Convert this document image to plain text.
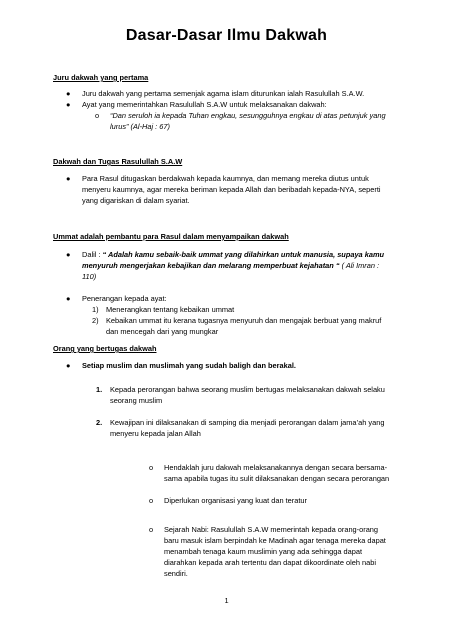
Dasar-Dasar Ilmu Dakwah
Juru dakwah yang pertama
● Juru dakwah yang pertama semenjak agama islam diturunkan ialah Rasulullah S.A.W.
● Ayat yang memerintahkan Rasulullah S.A.W untuk melaksanakan dakwah:
o “Dan seruloh ia kepada Tuhan engkau, sesungguhnya engkau di atas petunjuk yang
lurus” (Al-Haj : 67)
Dakwah dan Tugas Rasulullah S.A.W
● Para Rasul ditugaskan berdakwah kepada kaumnya, dan memang mereka diutus untuk
menyeru kaumnya, agar mereka beriman kepada Allah dan beribadah kepada-NYA, seperti
yang digariskan di dalam syariat.
Ummat adalah pembantu para Rasul dalam menyampaikan dakwah
● Dalil : “ Adalah kamu sebaik-baik ummat yang dilahirkan untuk manusia, supaya kamu
menyuruh mengerjakan kebajikan dan melarang memperbuat kejahatan “ ( Ali Imran :
110)
● Penerangan kepada ayat:
1) Menerangkan tentang kebaikan ummat
2) Kebaikan ummat itu kerana tugasnya menyuruh dan mengajak berbuat yang makruf
dan mencegah dari yang mungkar
Orang yang bertugas dakwah
● Setiap muslim dan muslimah yang sudah baligh dan berakal.
1. Kepada perorangan bahwa seorang muslim bertugas melaksanakan dakwah selaku
seorang muslim
2. Kewajipan ini dilaksanakan di samping dia menjadi perorangan dalam jama’ah yang
menyeru kepada jalan Allah
o Hendaklah juru dakwah melaksanakannya dengan secara bersama-
sama apabila tugas itu sulit dilaksanakan dengan secara perorangan
o Diperlukan organisasi yang kuat dan teratur
o Sejarah Nabi: Rasulullah S.A.W memerintah kepada orang-orang
baru masuk islam berpindah ke Madinah agar tenaga mereka dapat
menambah tenaga kaum muslimin yang ada sehingga dapat
diarahkan kepada arah tertentu dan dapat dikoordinate oleh nabi
sendiri.
1
